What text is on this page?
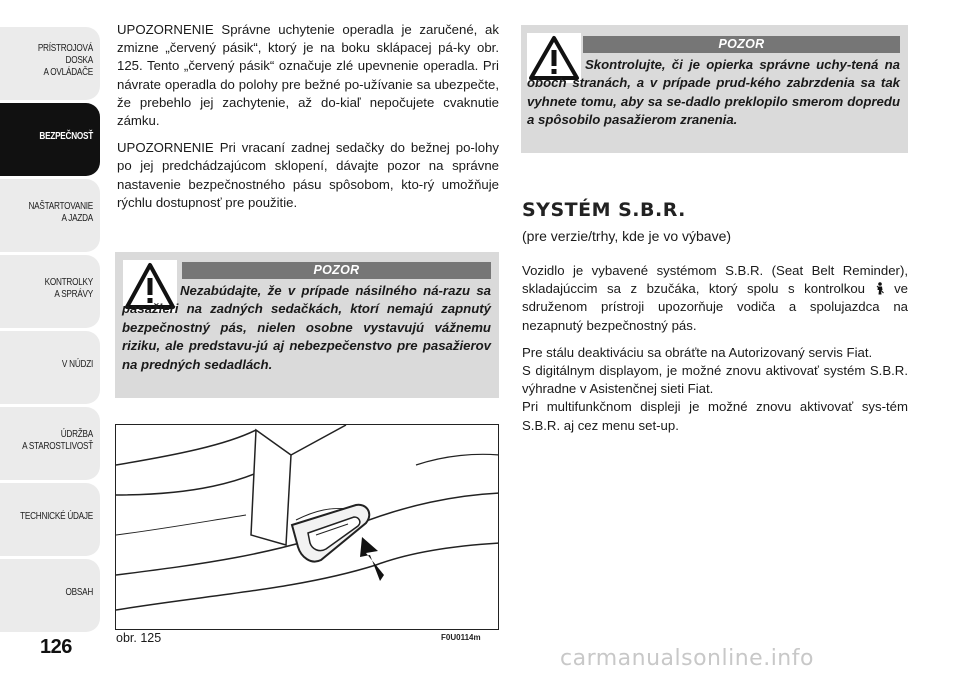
PRÍSTROJOVÁ
DOSKA
A OVLÁDAČE
BEZPEČNOSŤ
NAŠTARTOVANIE
A JAZDA
KONTROLKY
A SPRÁVY
V NÚDZI
ÚDRŽBA
A STAROSTLIVOSŤ
TECHNICKÉ ÚDAJE
OBSAH
126

UPOZORNENIE Správne uchytenie operadla je zaručené, ak zmizne „červený pásik“, ktorý je na boku sklápacej pá-ky obr. 125. Tento „červený pásik“ označuje zlé upevnenie operadla. Pri návrate operadla do polohy pre bežné po-užívanie sa ubezpečte, že prebehlo jej zachytenie, až do-kiaľ nepočujete cvaknutie zámku.

UPOZORNENIE Pri vracaní zadnej sedačky do bežnej po-lohy po jej predchádzajúcom sklopení, dávajte pozor na správne nastavenie bezpečnostného pásu spôsobom, kto-rý umožňuje rýchlu dostupnosť pre použitie.

POZOR
Nezabúdajte, že v prípade násilného ná-razu sa pasažieri na zadných sedačkách, ktorí nemajú zapnutý bezpečnostný pás, nielen osobne vystavujú vážnemu riziku, ale predstavu-jú aj nebezpečenstvo pre pasažierov na predných sedadlách.
obr. 125	F0U0114m
POZOR
Skontrolujte, či je opierka správne uchy-tená na oboch stranách, a v prípade prud-kého zabrzdenia sa tak vyhnete tomu, aby sa se-dadlo preklopilo smerom dopredu a spôsobilo pasažierom zranenia.
SYSTÉM S.B.R.
(pre verzie/trhy, kde je vo výbave)

Vozidlo je vybavené systémom S.B.R. (Seat Belt Reminder), skladajúccim sa z bzučáka, ktorý spolu s kontrolkou ve sdruženom prístroji upozorňuje vodiča a spolujazdca na nezapnutý bezpečnostný pás.

Pre stálu deaktiváciu sa obráťte na Autorizovaný servis Fiat.
S digitálnym displayom, je možné znovu aktivovať systém S.B.R. výhradne v Asistenčnej sieti Fiat.
Pri multifunkčnom displeji je možné znovu aktivovať sys-tém S.B.R. aj cez menu set-up.

carmanualsonline.info
